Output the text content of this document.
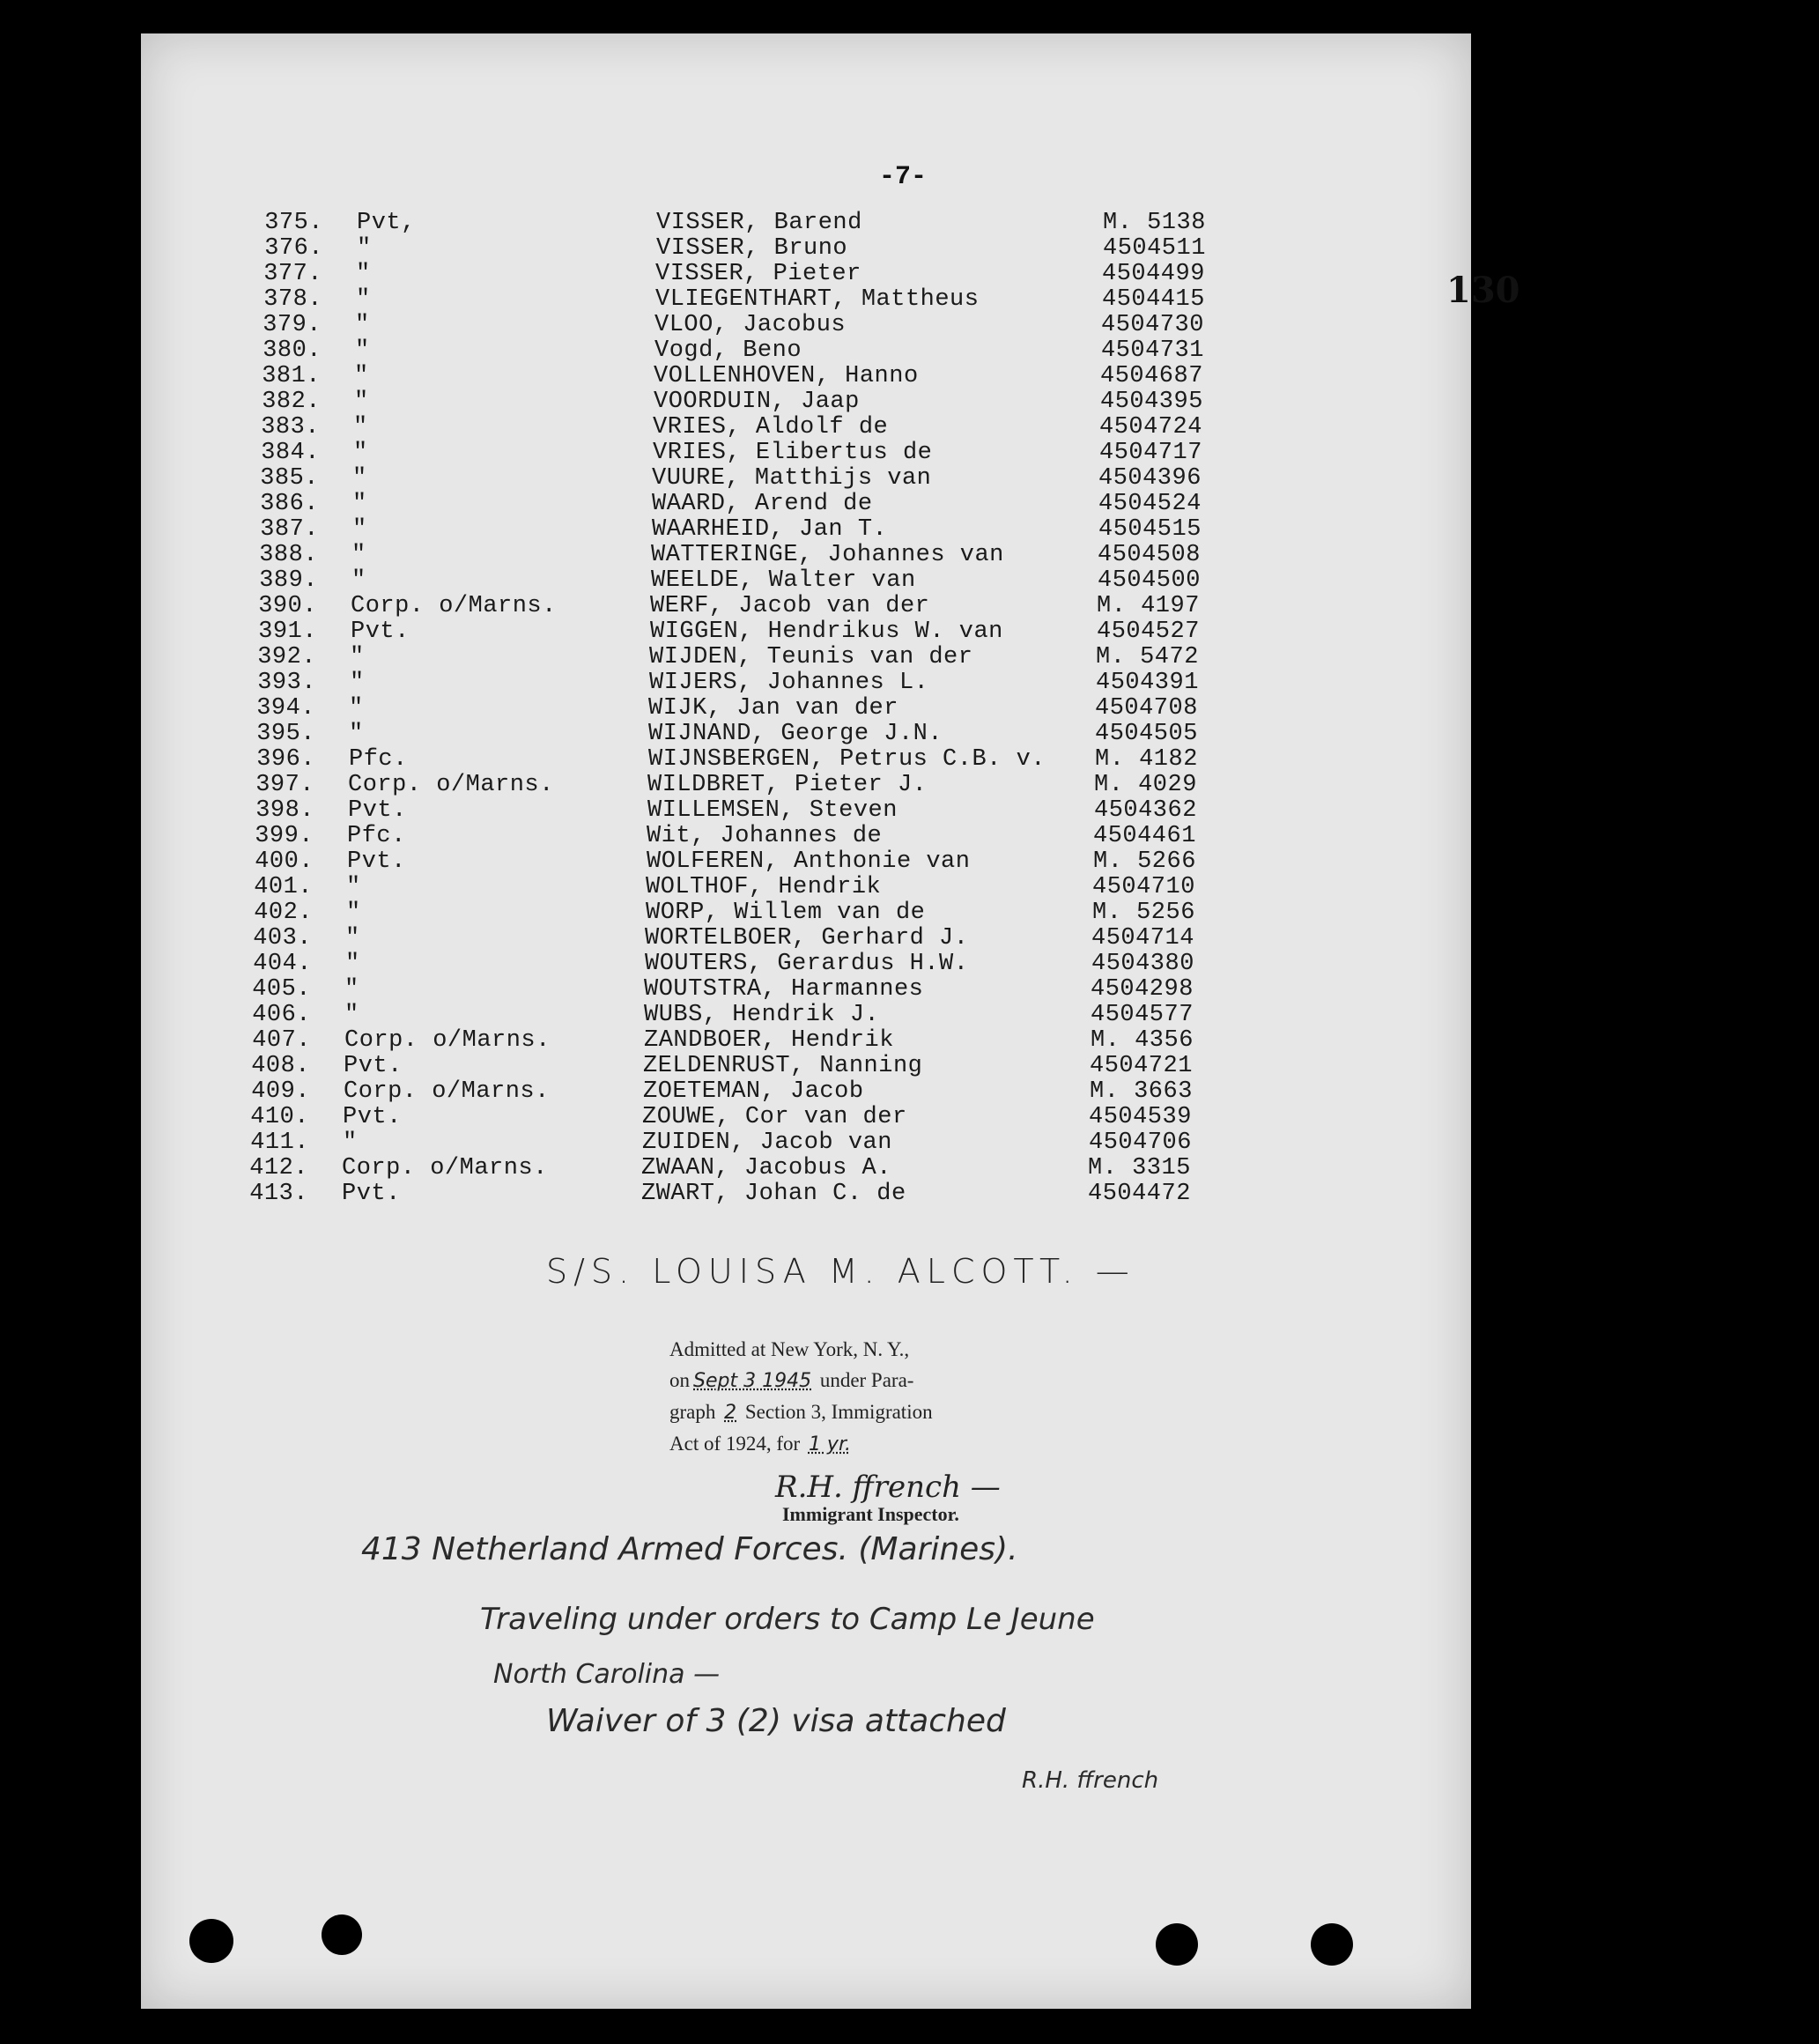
-7-
130
375. Pvt,	VISSER, Barend	M. 5138
376. "	VISSER, Bruno	4504511
377. "	VISSER, Pieter	4504499
378. "	VLIEGENTHART, Mattheus	4504415
379. "	VLOO, Jacobus	4504730
380. "	Vogd, Beno	4504731
381. "	VOLLENHOVEN, Hanno	4504687
382. "	VOORDUIN, Jaap	4504395
383. "	VRIES, Aldolf de	4504724
384. "	VRIES, Elibertus de	4504717
385. "	VUURE, Matthijs van	4504396
386. "	WAARD, Arend de	4504524
387. "	WAARHEID, Jan T.	4504515
388. "	WATTERINGE, Johannes van	4504508
389. "	WEELDE, Walter van	4504500
390. Corp. o/Marns.	WERF, Jacob van der	M. 4197
391. Pvt.	WIGGEN, Hendrikus W. van	4504527
392. "	WIJDEN, Teunis van der	M. 5472
393. "	WIJERS, Johannes L.	4504391
394. "	WIJK, Jan van der	4504708
395. "	WIJNAND, George J.N.	4504505
396. Pfc.	WIJNSBERGEN, Petrus C.B. v. M. 4182
397. Corp. o/Marns.	WILDBRET, Pieter J.	M. 4029
398. Pvt.	WILLEMSEN, Steven	4504362
399. Pfc.	Wit, Johannes de	4504461
400. Pvt.	WOLFEREN, Anthonie van	M. 5266
401. "	WOLTHOF, Hendrik	4504710
402. "	WORP, Willem van de	M. 5256
403. "	WORTELBOER, Gerhard J.	4504714
404. "	WOUTERS, Gerardus H.W.	4504380
405. "	WOUTSTRA, Harmannes	4504298
406. "	WUBS, Hendrik J.	4504577
407. Corp. o/Marns.	ZANDBOER, Hendrik	M. 4356
408. Pvt.	ZELDENRUST, Nanning	4504721
409. Corp. o/Marns.	ZOETEMAN, Jacob	M. 3663
410. Pvt.	ZOUWE, Cor van der	4504539
411. "	ZUIDEN, Jacob van	4504706
412. Corp. o/Marns.	ZWAAN, Jacobus A.	M. 3315
413. Pvt.	ZWART, Johan C. de	4504472
S/S. LOUISA M. ALCOTT. —
Admitted at New York, N. Y.,
on Sept 3 1945 under Para-
graph 2 Section 3, Immigration
Act of 1924, for 1 yr.
R.H. ffrench —
Immigrant Inspector.
413 Netherland Armed Forces. (Marines).
Traveling under orders to Camp Le Jeune
North Carolina —
Waiver of 3 (2) visa attached
R.H. ffrench
